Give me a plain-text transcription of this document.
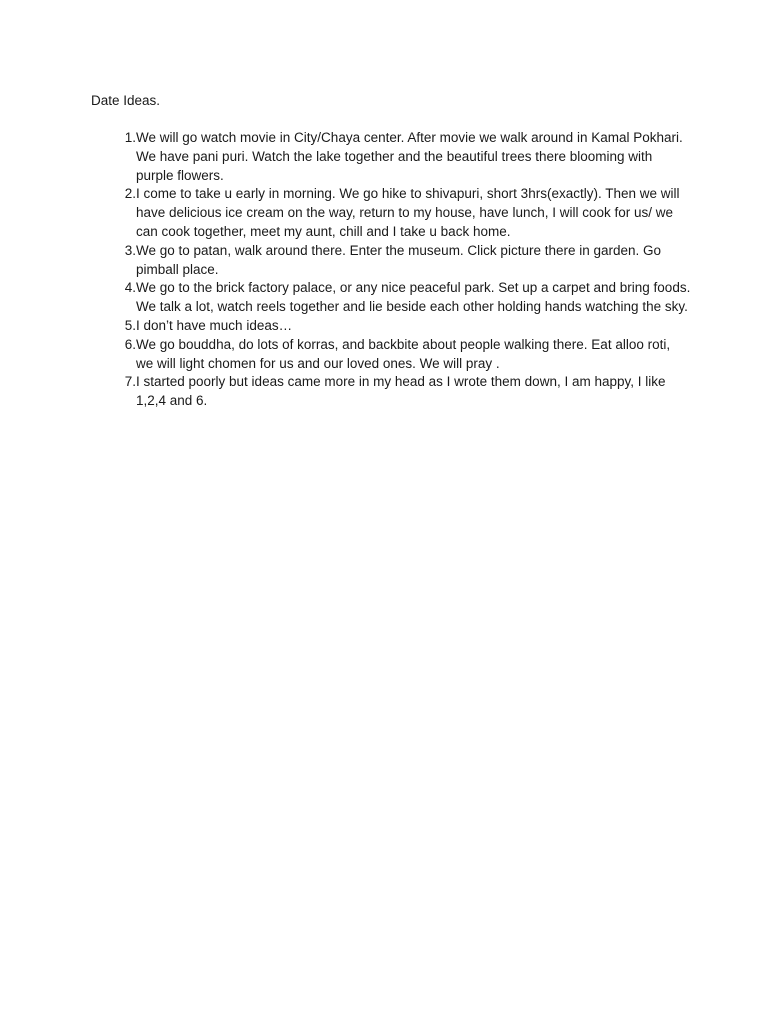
Date Ideas.
1. We will go watch movie in City/Chaya center. After movie we walk around in Kamal Pokhari. We have pani puri. Watch the lake together and the beautiful trees there blooming with purple flowers.
2. I come to take u early in morning. We go hike to shivapuri, short 3hrs(exactly). Then we will have delicious ice cream on the way, return to my house, have lunch, I will cook for us/ we can cook together, meet my aunt, chill and I take u back home.
3. We go to patan, walk around there. Enter the museum. Click picture there in garden. Go pimball place.
4. We go to the brick factory palace, or any nice peaceful park. Set up a carpet and bring foods. We talk a lot, watch reels together and lie beside each other holding hands watching the sky.
5. I don’t have much ideas…
6. We go bouddha, do lots of korras, and backbite about people walking there. Eat alloo roti, we will light chomen for us and our loved ones. We will pray .
7. I started poorly but ideas came more in my head as I wrote them down, I am happy, I like 1,2,4 and 6.
